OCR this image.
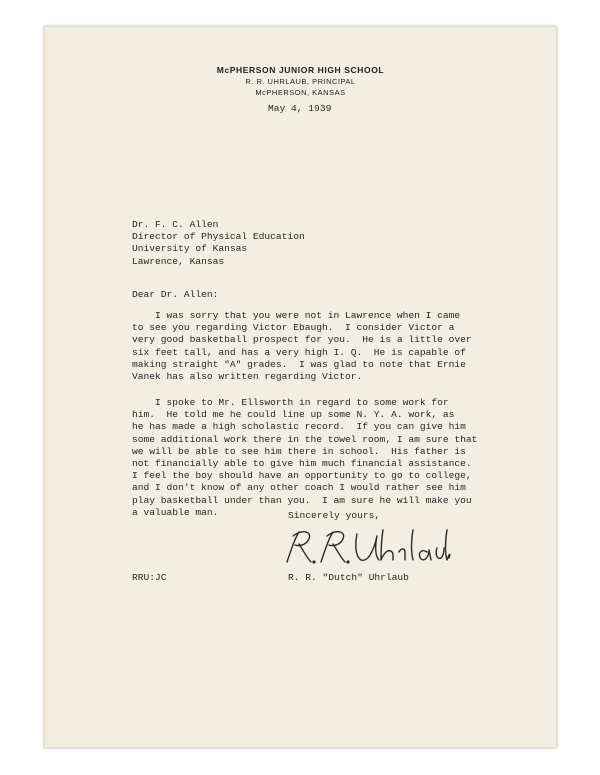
McPHERSON JUNIOR HIGH SCHOOL
R. R. UHRLAUB, PRINCIPAL
McPHERSON, KANSAS
May 4, 1939
Dr. F. C. Allen
Director of Physical Education
University of Kansas
Lawrence, Kansas
Dear Dr. Allen:
I was sorry that you were not in Lawrence when I came
to see you regarding Victor Ebaugh.  I consider Victor a
very good basketball prospect for you.  He is a little over
six feet tall, and has a very high I. Q.  He is capable of
making straight "A" grades.  I was glad to note that Ernie
Vanek has also written regarding Victor.
I spoke to Mr. Ellsworth in regard to some work for
him.  He told me he could line up some N. Y. A. work, as
he has made a high scholastic record.  If you can give him
some additional work there in the towel room, I am sure that
we will be able to see him there in school.  His father is
not financially able to give him much financial assistance.
I feel the boy should have an opportunity to go to college,
and I don't know of any other coach I would rather see him
play basketball under than you.  I am sure he will make you
a valuable man.	Sincerely yours,
RRU:JC	R. R. "Dutch" Uhrlaub
